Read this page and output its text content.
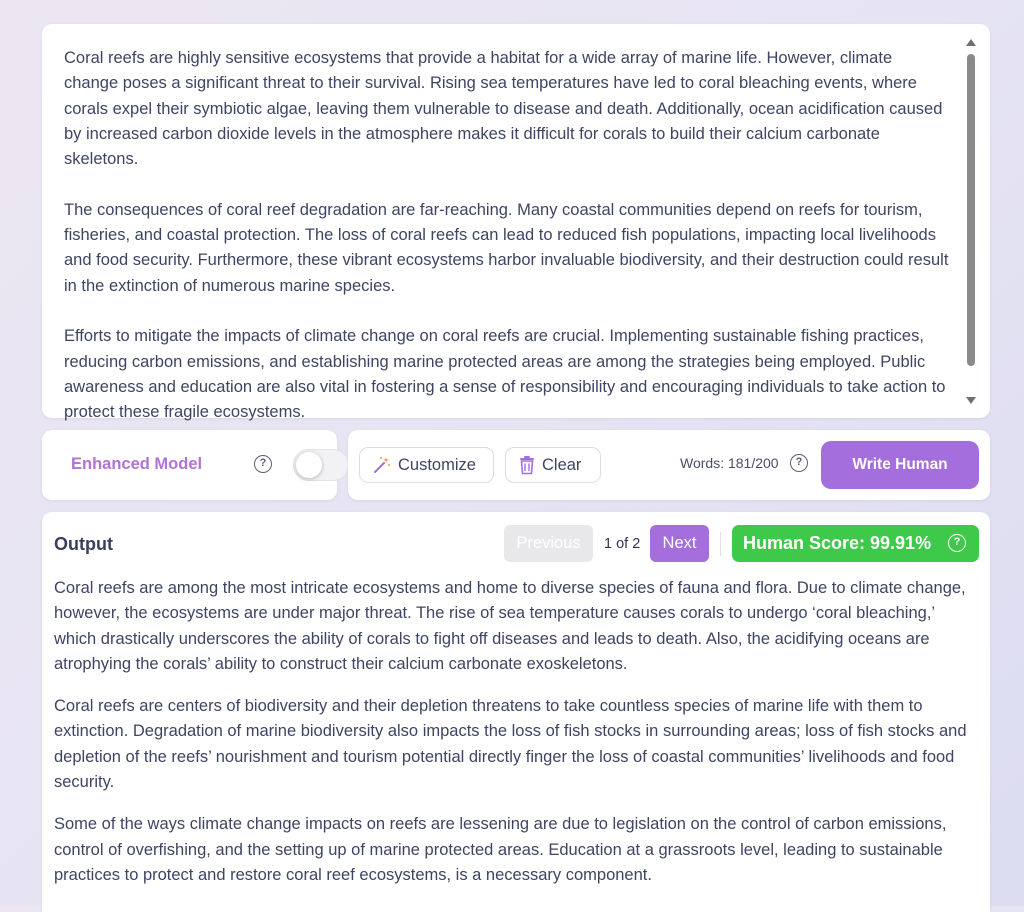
Coral reefs are highly sensitive ecosystems that provide a habitat for a wide array of marine life. However, climate change poses a significant threat to their survival. Rising sea temperatures have led to coral bleaching events, where corals expel their symbiotic algae, leaving them vulnerable to disease and death. Additionally, ocean acidification caused by increased carbon dioxide levels in the atmosphere makes it difficult for corals to build their calcium carbonate skeletons.

The consequences of coral reef degradation are far-reaching. Many coastal communities depend on reefs for tourism, fisheries, and coastal protection. The loss of coral reefs can lead to reduced fish populations, impacting local livelihoods and food security. Furthermore, these vibrant ecosystems harbor invaluable biodiversity, and their destruction could result in the extinction of numerous marine species.

Efforts to mitigate the impacts of climate change on coral reefs are crucial. Implementing sustainable fishing practices, reducing carbon emissions, and establishing marine protected areas are among the strategies being employed. Public awareness and education are also vital in fostering a sense of responsibility and encouraging individuals to take action to protect these fragile ecosystems.

Enhanced Model	?	Customize	Clear	Words: 181/200	?	Write Human
Output	Previous	1 of 2	Next	Human Score: 99.91%	?

Coral reefs are among the most intricate ecosystems and home to diverse species of fauna and flora. Due to climate change, however, the ecosystems are under major threat. The rise of sea temperature causes corals to undergo ‘coral bleaching,’ which drastically underscores the ability of corals to fight off diseases and leads to death. Also, the acidifying oceans are atrophying the corals’ ability to construct their calcium carbonate exoskeletons.

Coral reefs are centers of biodiversity and their depletion threatens to take countless species of marine life with them to extinction. Degradation of marine biodiversity also impacts the loss of fish stocks in surrounding areas; loss of fish stocks and depletion of the reefs’ nourishment and tourism potential directly finger the loss of coastal communities’ livelihoods and food security.

Some of the ways climate change impacts on reefs are lessening are due to legislation on the control of carbon emissions, control of overfishing, and the setting up of marine protected areas. Education at a grassroots level, leading to sustainable practices to protect and restore coral reef ecosystems, is a necessary component.
